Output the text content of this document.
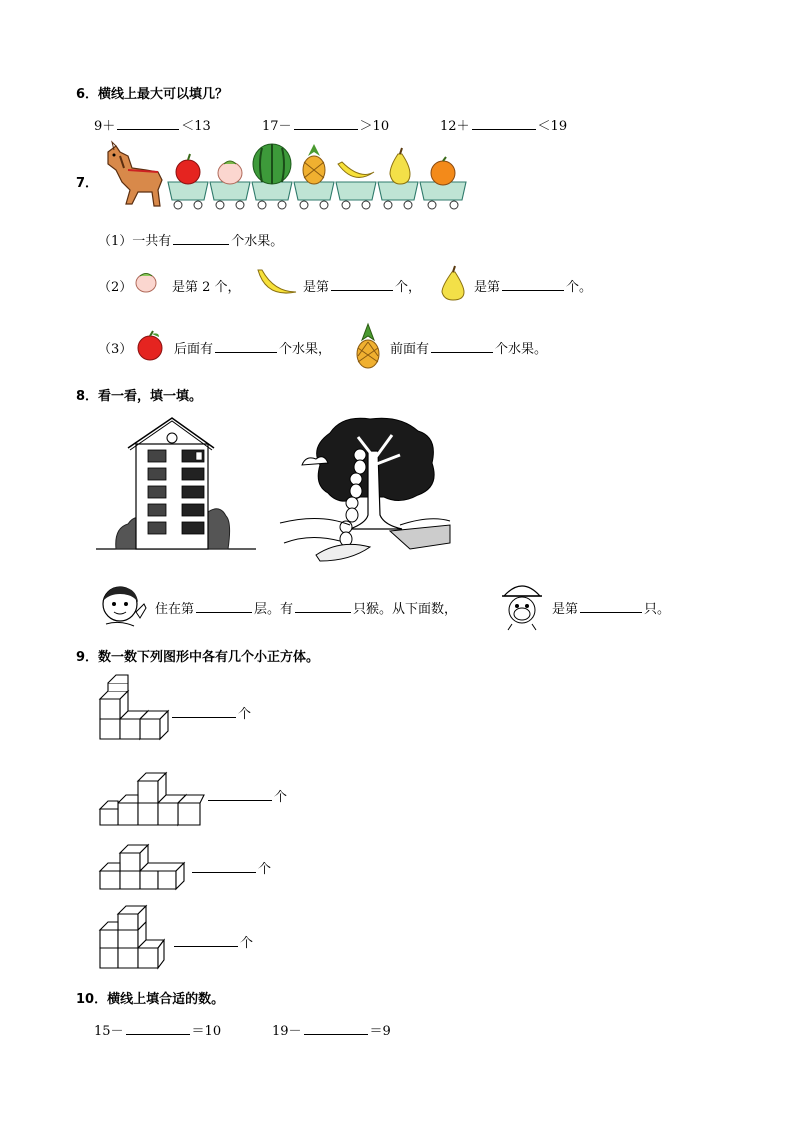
6．横线上最大可以填几？
9＋	＜13	17－	＞10	12＋	＜19
7．
（1）一共有	个水果。
（2）	是第 2 个，	是第	个，	是第	个。
（3）	后面有	个水果，	前面有	个水果。
8．看一看，填一填。
住在第	层。有	只猴。从下面数，	是第	只。
9．数一数下列图形中各有几个小正方体。
个
个
个
个
10．横线上填合适的数。
15－	＝10	19－	＝9
